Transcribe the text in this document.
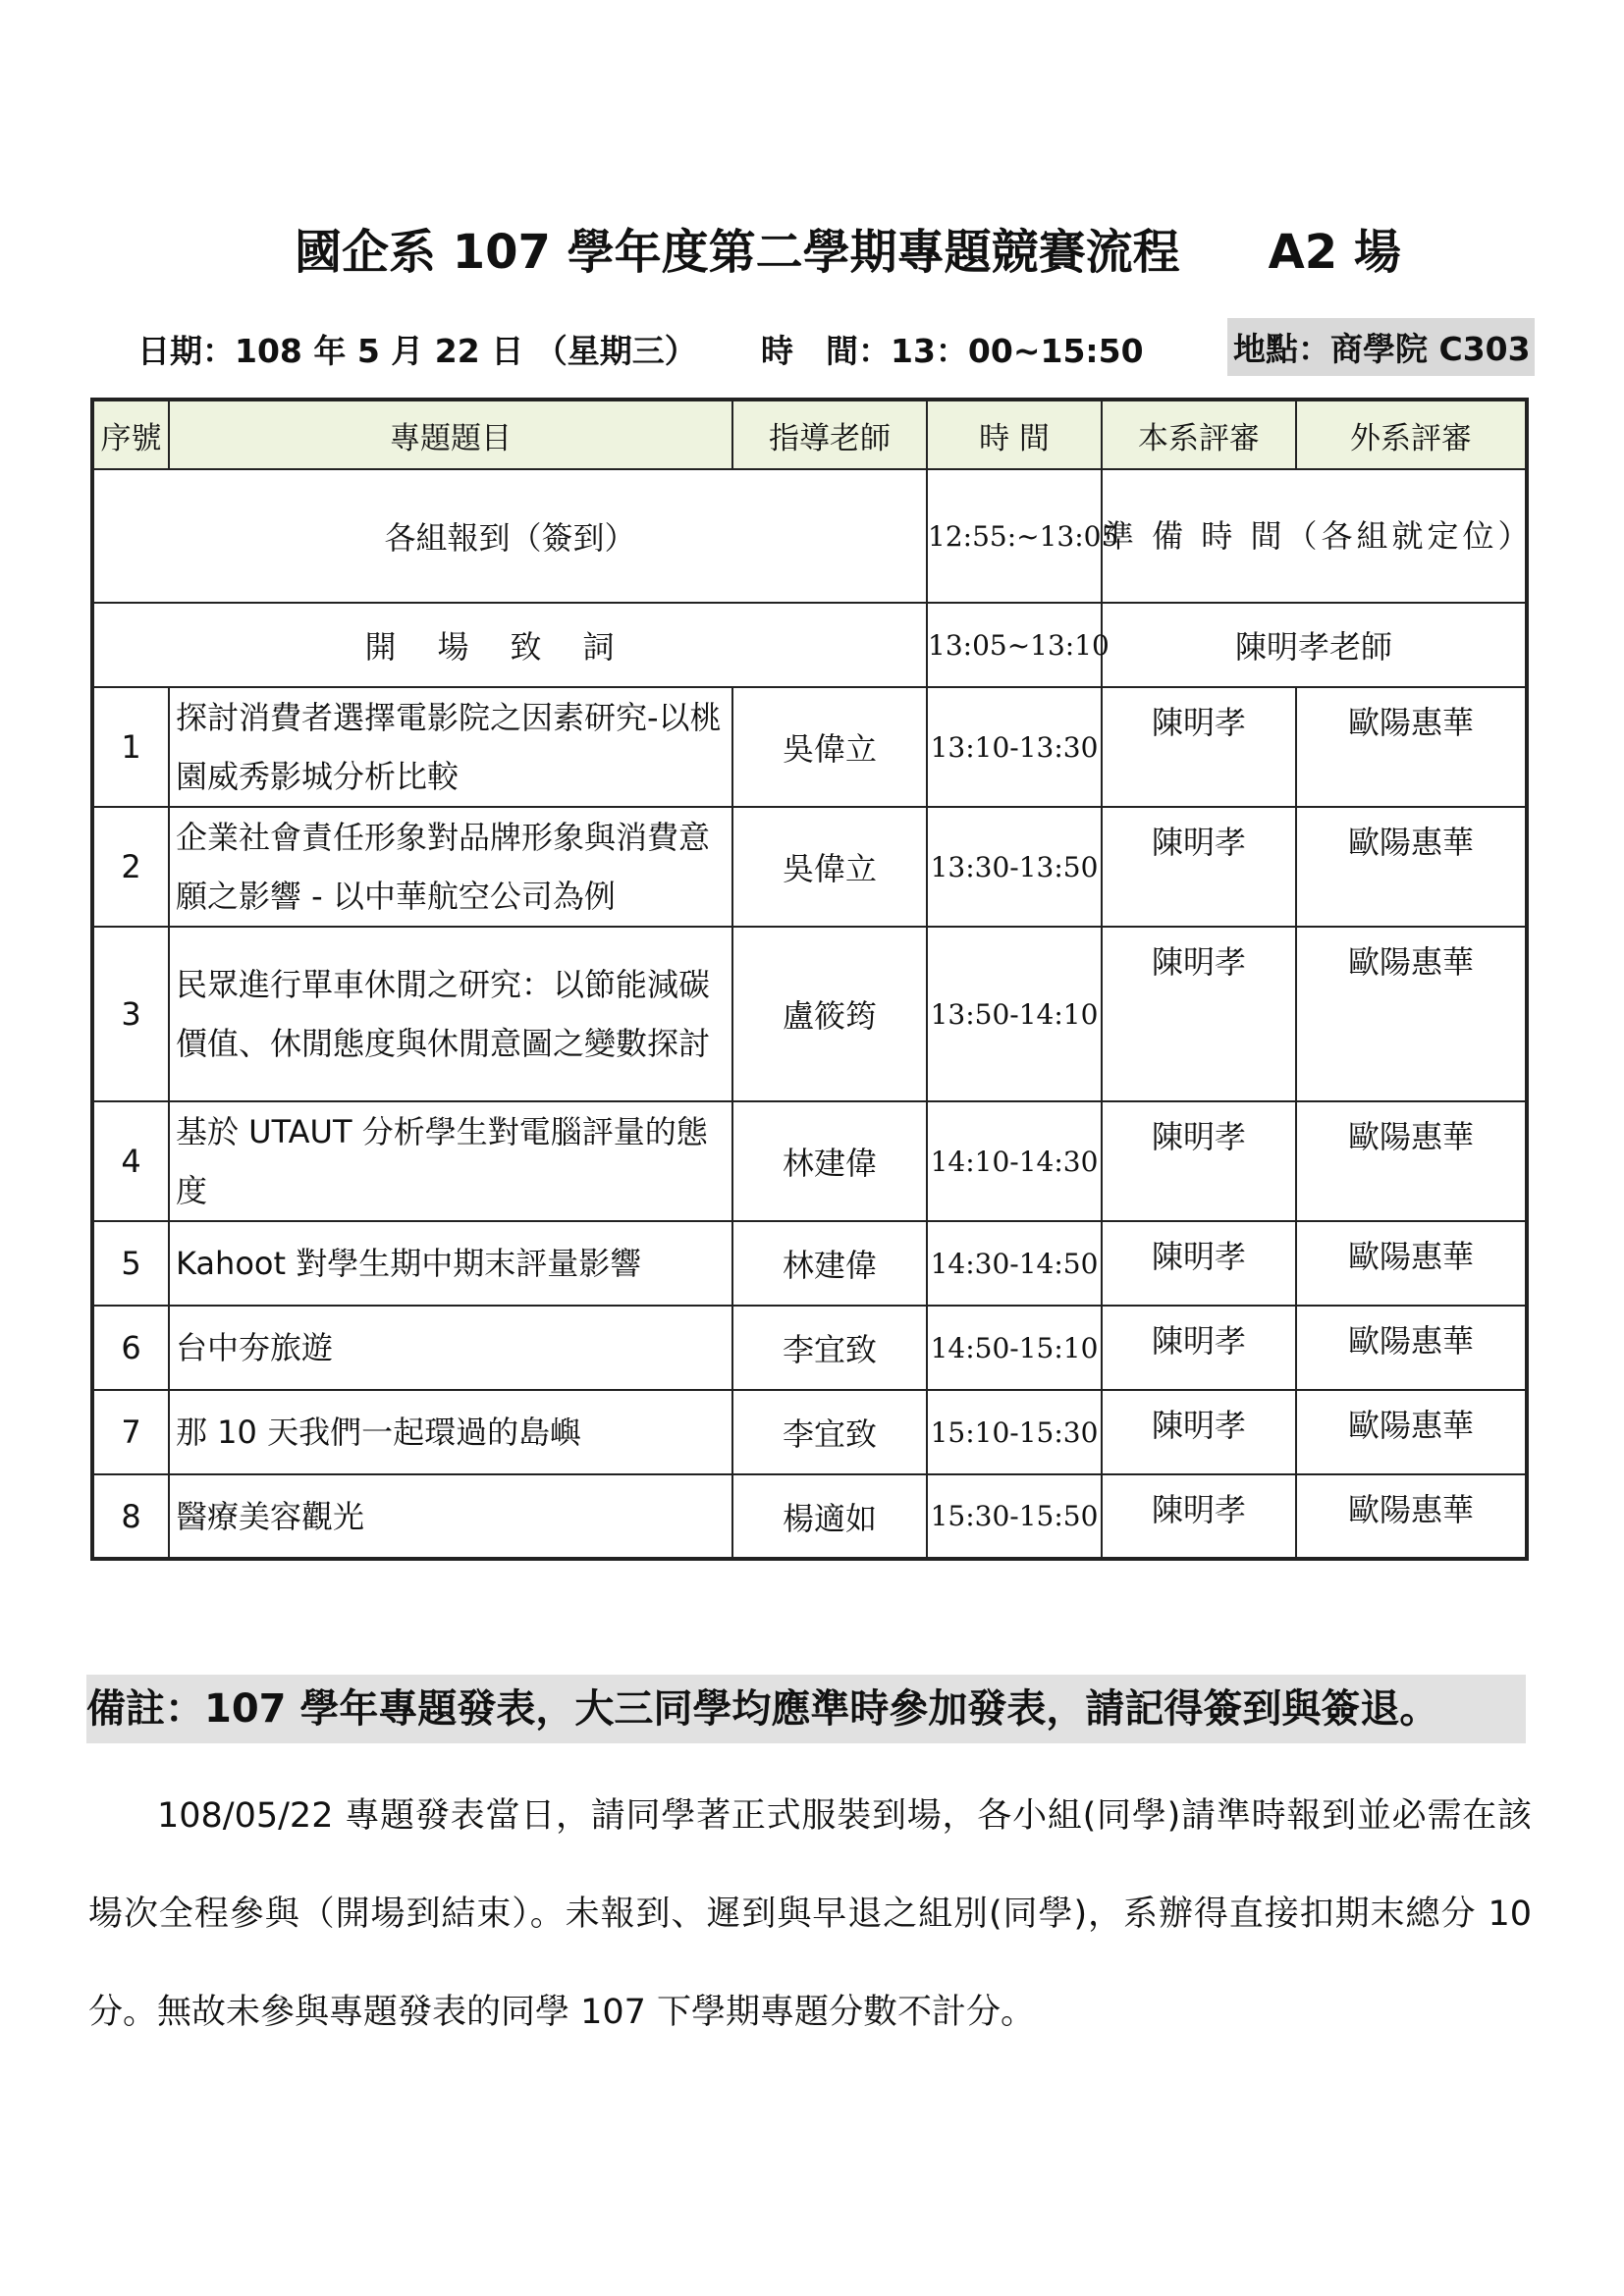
國企系 107 學年度第二學期專題競賽流程 A2 場
日期：108 年 5 月 22 日 （星期三） 時　間：13：00~15:50	地點：商學院 C303
序號	專題題目	指導老師	時 間	本系評審	外系評審
各組報到（簽到）			12:55:~13:05	準 備 時 間（各組就定位）	
開場致詞			13:05~13:10	陳明孝老師	
1	探討消費者選擇電影院之因素研究-以桃園威秀影城分析比較	吳偉立	13:10-13:30	陳明孝	歐陽惠華
2	企業社會責任形象對品牌形象與消費意願之影響 - 以中華航空公司為例	吳偉立	13:30-13:50	陳明孝	歐陽惠華
3	民眾進行單車休閒之研究：以節能減碳價值、休閒態度與休閒意圖之變數探討	盧筱筠	13:50-14:10	陳明孝	歐陽惠華
4	基於 UTAUT 分析學生對電腦評量的態度	林建偉	14:10-14:30	陳明孝	歐陽惠華
5	Kahoot 對學生期中期末評量影響	林建偉	14:30-14:50	陳明孝	歐陽惠華
6	台中夯旅遊	李宜致	14:50-15:10	陳明孝	歐陽惠華
7	那 10 天我們一起環過的島嶼	李宜致	15:10-15:30	陳明孝	歐陽惠華
8	醫療美容觀光	楊適如	15:30-15:50	陳明孝	歐陽惠華
備註：107 學年專題發表，大三同學均應準時參加發表，請記得簽到與簽退。

108/05/22 專題發表當日，請同學著正式服裝到場，各小組(同學)請準時報到並必需在該場次全程參與（開場到結束）。未報到、遲到與早退之組別(同學)，系辦得直接扣期末總分 10 分。無故未參與專題發表的同學 107 下學期專題分數不計分。
